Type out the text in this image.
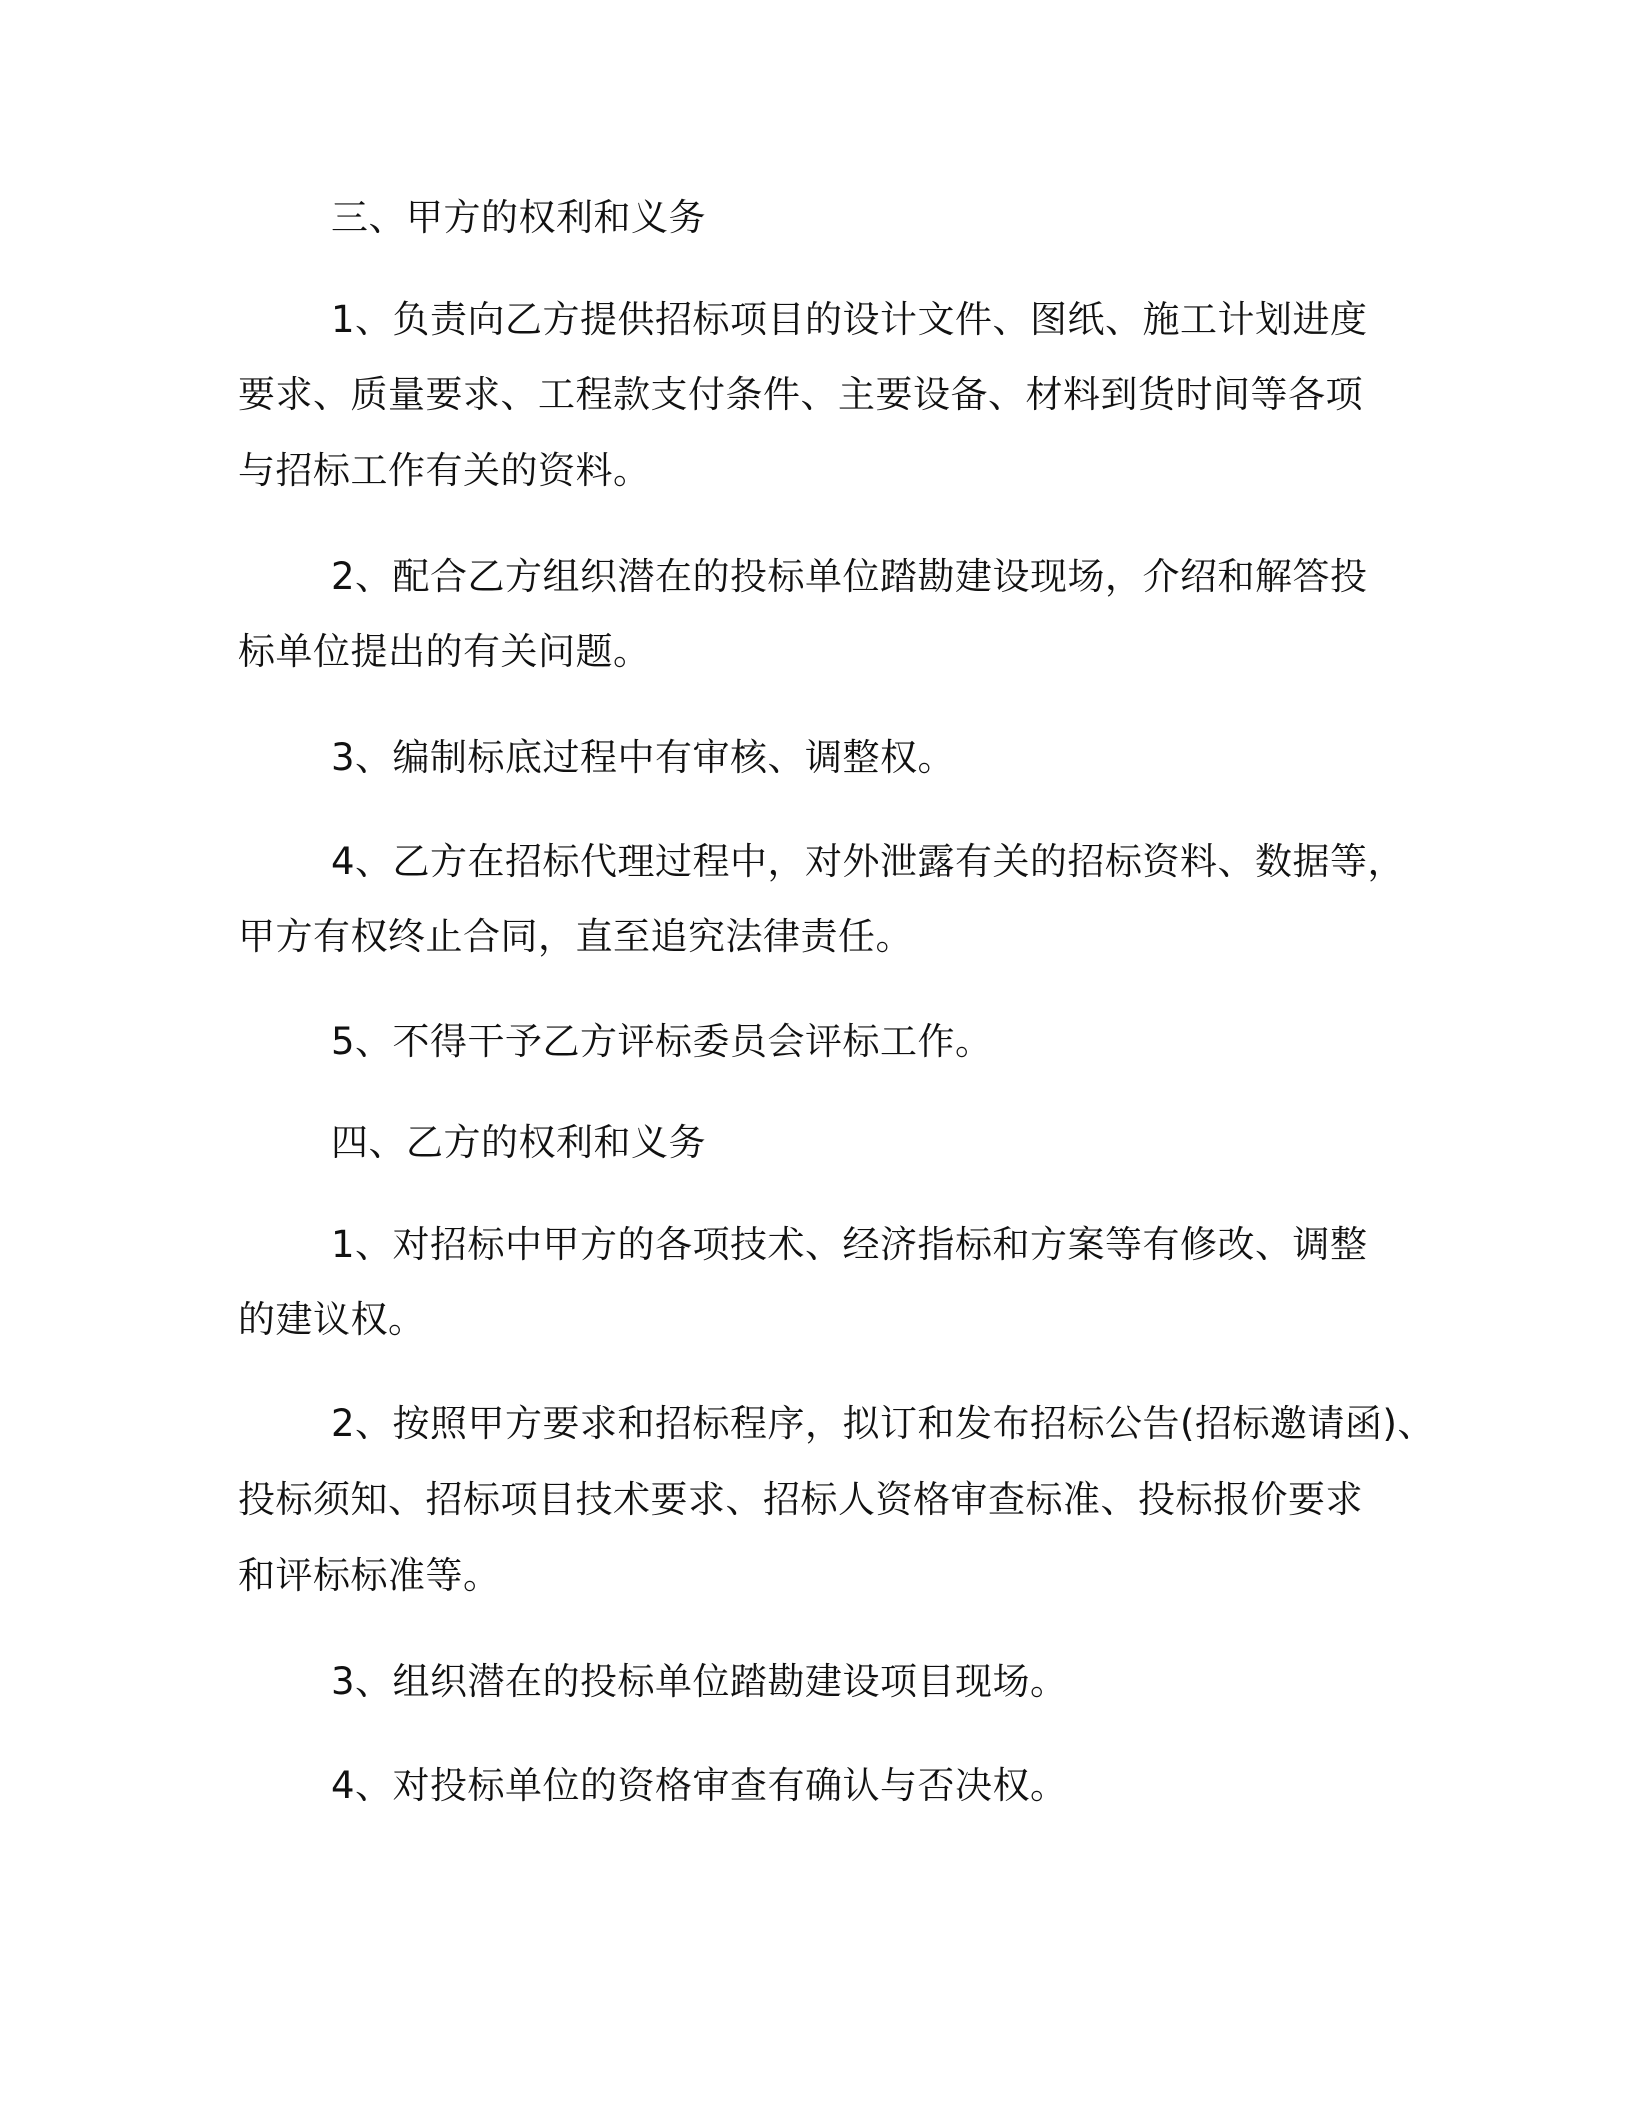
三、甲方的权利和义务
1、负责向乙方提供招标项目的设计文件、图纸、施工计划进度
要求、质量要求、工程款支付条件、主要设备、材料到货时间等各项
与招标工作有关的资料。
2、配合乙方组织潜在的投标单位踏勘建设现场，介绍和解答投
标单位提出的有关问题。
3、编制标底过程中有审核、调整权。
4、乙方在招标代理过程中，对外泄露有关的招标资料、数据等，
甲方有权终止合同，直至追究法律责任。
5、不得干予乙方评标委员会评标工作。
四、乙方的权利和义务
1、对招标中甲方的各项技术、经济指标和方案等有修改、调整
的建议权。
2、按照甲方要求和招标程序，拟订和发布招标公告(招标邀请函)、
投标须知、招标项目技术要求、招标人资格审查标准、投标报价要求
和评标标准等。
3、组织潜在的投标单位踏勘建设项目现场。
4、对投标单位的资格审查有确认与否决权。
